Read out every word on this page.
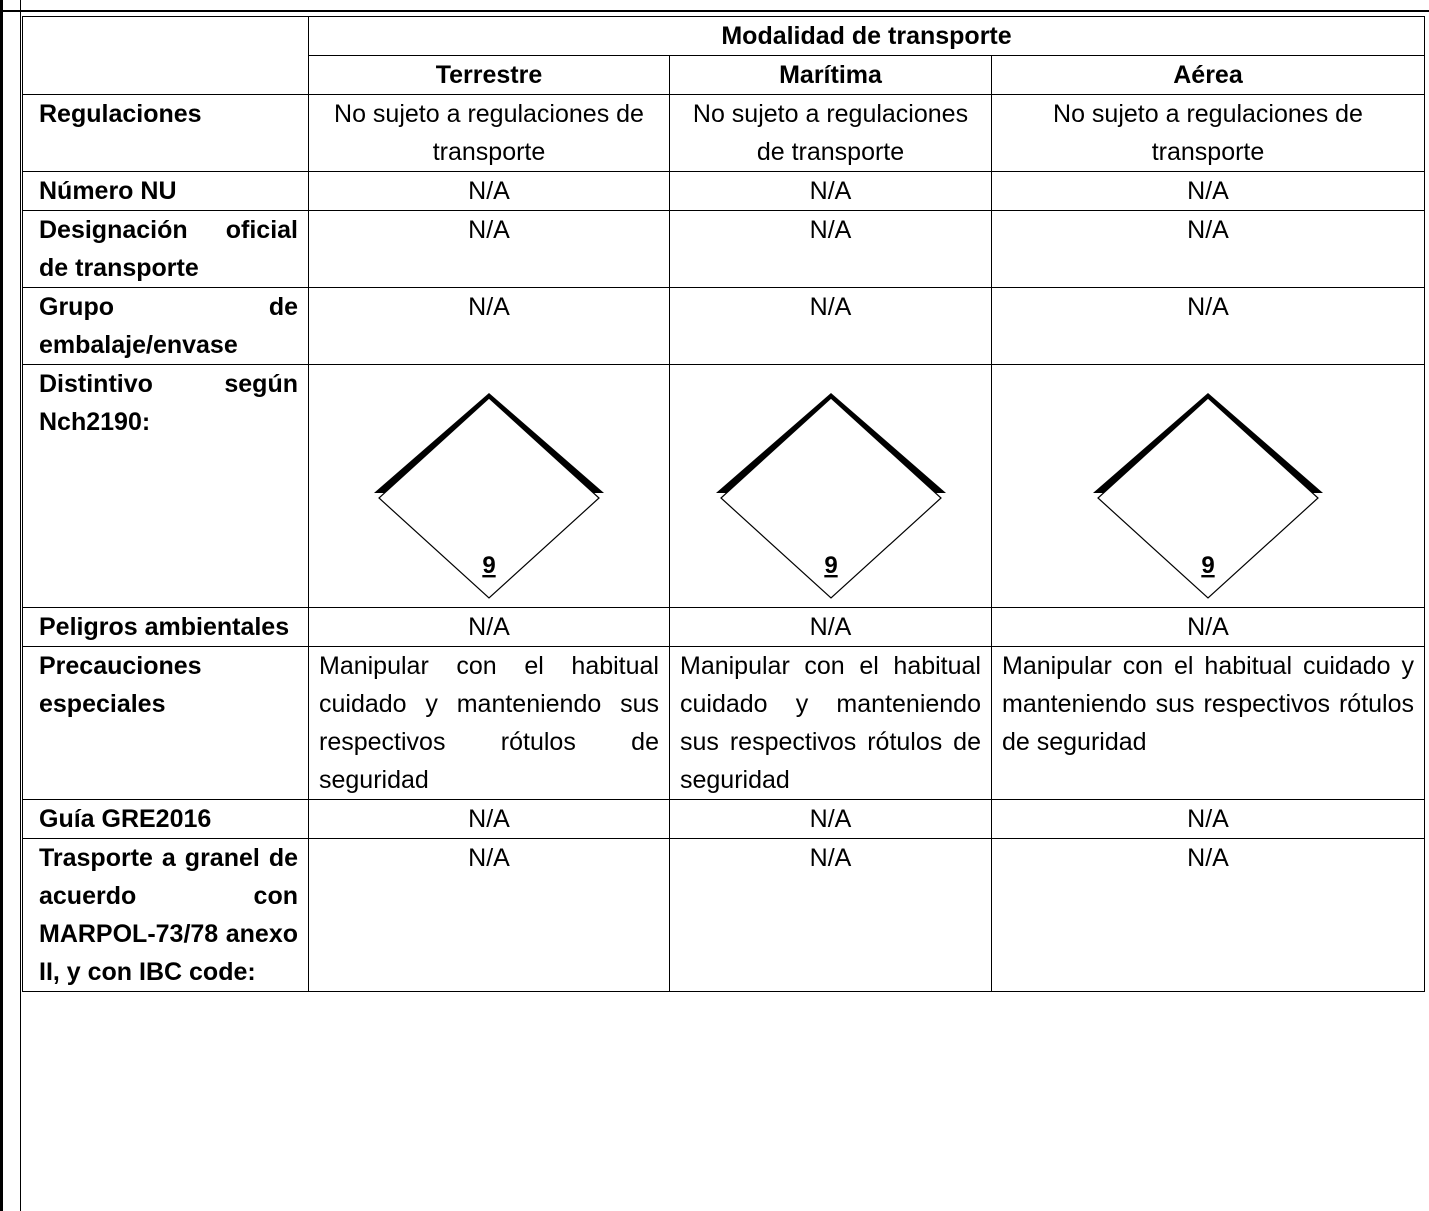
	Modalidad de transporte		
	Terrestre	Marítima	Aérea
Regulaciones	No sujeto a regulaciones de transporte	No sujeto a regulaciones de transporte	No sujeto a regulaciones de transporte
Número NU	N/A	N/A	N/A
Designación oficial de transporte	N/A	N/A	N/A
Grupo de embalaje/envase	N/A	N/A	N/A
Distintivo según Nch2190:	9	9	9

Peligros ambientales	N/A	N/A	N/A
Precauciones especiales	Manipular con el habitual cuidado y manteniendo sus respectivos rótulos de seguridad	Manipular con el habitual cuidado y manteniendo sus respectivos rótulos de seguridad	Manipular con el habitual cuidado y manteniendo sus respectivos rótulos de seguridad
Guía GRE2016	N/A	N/A	N/A
Trasporte a granel de acuerdo con MARPOL-73/78 anexo II, y con IBC code:	N/A	N/A	N/A
